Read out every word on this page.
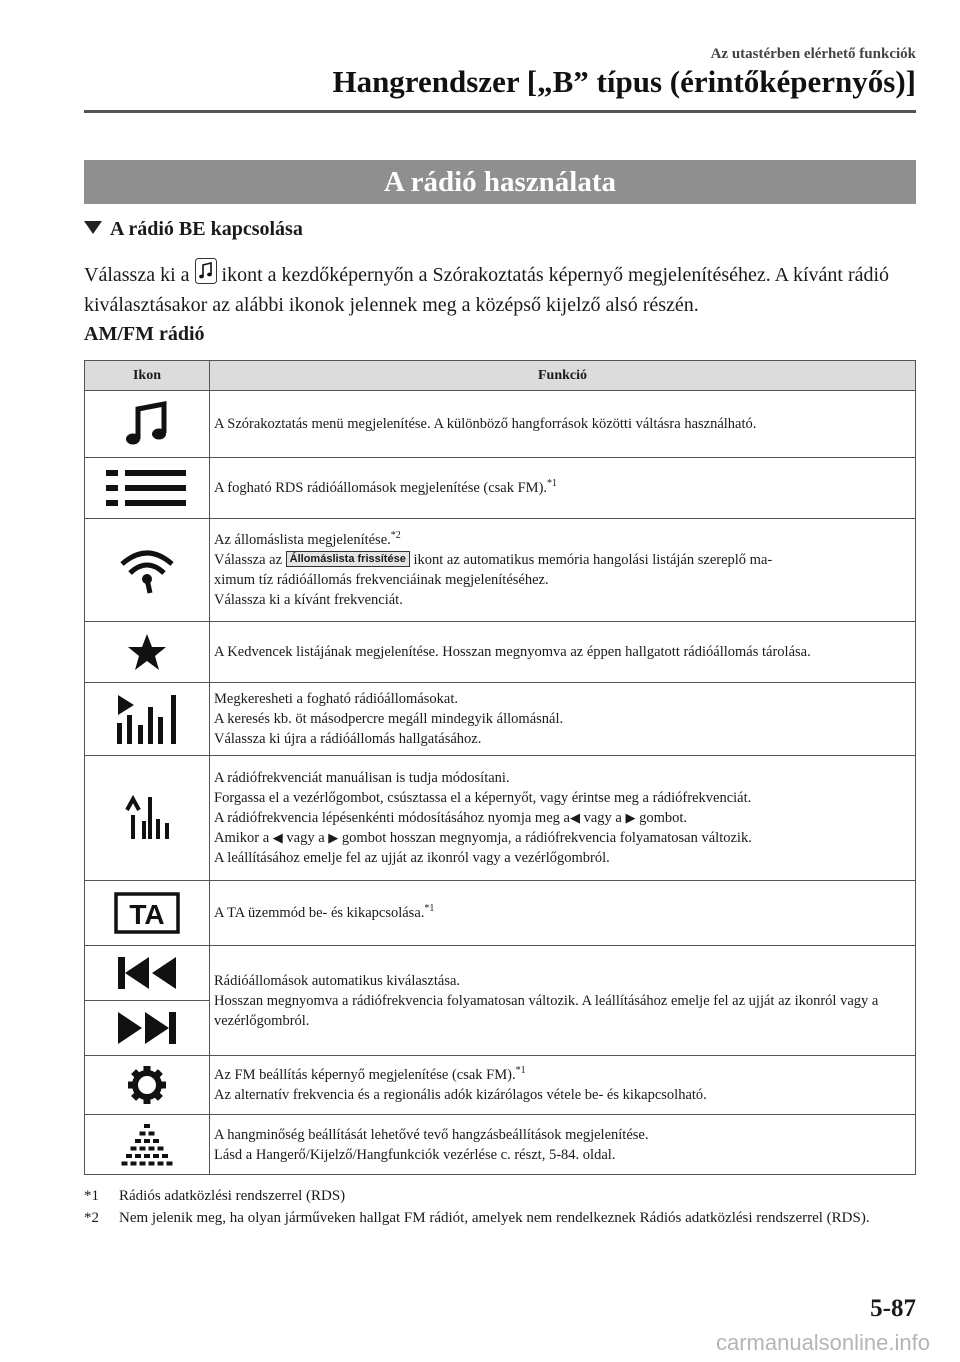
Az utastérben elérhető funkciók
Hangrendszer [„B” típus (érintőképernyős)]
A rádió használata
A rádió BE kapcsolása
Válassza ki a ikont a kezdőképernyőn a Szórakoztatás képernyő megjelenítéséhez. A kívánt rádió kiválasztásakor az alábbi ikonok jelennek meg a középső kijelző alsó részén.
AM/FM rádió
Ikon	Funkció

	A Szórakoztatás menü megjelenítése. A különböző hangforrások közötti váltásra használható.

	A fogható RDS rádióállomások megjelenítése (csak FM).$^{*1}$

Az állomáslista megjelenítése.$^{*2}$
Válassza az Állomáslista frissítése ikont az automatikus memória hangolási listáján szereplő ma-
ximum tíz rádióállomás frekvenciáinak megjelenítéséhez.
Válassza ki a kívánt frekvenciát.

	A Kedvencek listájának megjelenítése. Hosszan megnyomva az éppen hallgatott rádióállomás tárolása.

Megkeresheti a fogható rádióállomásokat.
A keresés kb. öt másodpercre megáll mindegyik állomásnál.
Válassza ki újra a rádióállomás hallgatásához.

A rádiófrekvenciát manuálisan is tudja módosítani.
Forgassa el a vezérlőgombot, csúsztassa el a képernyőt, vagy érintse meg a rádiófrekvenciát.
A rádiófrekvencia lépésenkénti módosításához nyomja meg a◀ vagy a ▶ gombot.
Amikor a ◀ vagy a ▶ gombot hosszan megnyomja, a rádiófrekvencia folyamatosan változik.
A leállításához emelje fel az ujját az ikonról vagy a vezérlőgombról.

TA	A TA üzemmód be- és kikapcsolása.$^{*1}$

Rádióállomások automatikus kiválasztása.
Hosszan megnyomva a rádiófrekvencia folyamatosan változik. A leállításához emelje fel az ujját az ikonról vagy a vezérlőgombról.

Az FM beállítás képernyő megjelenítése (csak FM).$^{*1}$
Az alternatív frekvencia és a regionális adók kizárólagos vétele be- és kikapcsolható.

A hangminőség beállítását lehetővé tevő hangzásbeállítások megjelenítése.
Lásd a Hangerő/Kijelző/Hangfunkciók vezérlése c. részt, 5-84. oldal.
*1	Rádiós adatközlési rendszerrel (RDS)
*2	Nem jelenik meg, ha olyan járműveken hallgat FM rádiót, amelyek nem rendelkeznek Rádiós adatközlési rendszerrel (RDS).
5-87
carmanualsonline.info
